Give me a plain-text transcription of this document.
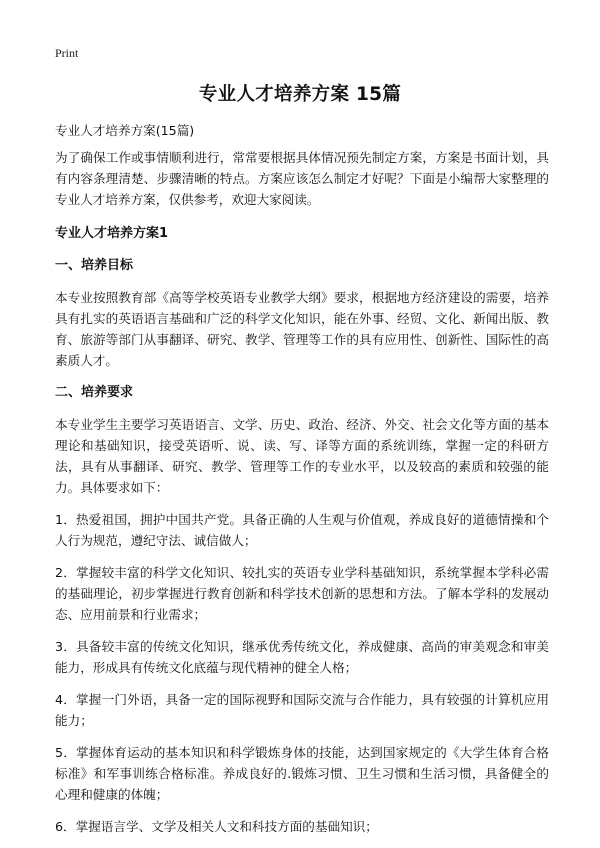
Print
专业人才培养方案 15篇

专业人才培养方案(15篇)

为了确保工作或事情顺利进行，常常要根据具体情况预先制定方案，方案是书面计划，具有内容条理清楚、步骤清晰的特点。方案应该怎么制定才好呢？下面是小编帮大家整理的专业人才培养方案，仅供参考，欢迎大家阅读。

专业人才培养方案1
一、培养目标

本专业按照教育部《高等学校英语专业教学大纲》要求，根据地方经济建设的需要，培养具有扎实的英语语言基础和广泛的科学文化知识，能在外事、经贸、文化、新闻出版、教育、旅游等部门从事翻译、研究、教学、管理等工作的具有应用性、创新性、国际性的高素质人才。

二、培养要求

本专业学生主要学习英语语言、文学、历史、政治、经济、外交、社会文化等方面的基本理论和基础知识，接受英语听、说、读、写、译等方面的系统训练，掌握一定的科研方法，具有从事翻译、研究、教学、管理等工作的专业水平，以及较高的素质和较强的能力。具体要求如下：

1．热爱祖国，拥护中国共产党。具备正确的人生观与价值观，养成良好的道德情操和个人行为规范，遵纪守法、诚信做人；

2．掌握较丰富的科学文化知识、较扎实的英语专业学科基础知识，系统掌握本学科必需的基础理论，初步掌握进行教育创新和科学技术创新的思想和方法。了解本学科的发展动态、应用前景和行业需求；

3．具备较丰富的传统文化知识，继承优秀传统文化，养成健康、高尚的审美观念和审美能力，形成具有传统文化底蕴与现代精神的健全人格；

4．掌握一门外语，具备一定的国际视野和国际交流与合作能力，具有较强的计算机应用能力；

5．掌握体育运动的基本知识和科学锻炼身体的技能，达到国家规定的《大学生体育合格标准》和军事训练合格标准。养成良好的.锻炼习惯、卫生习惯和生活习惯，具备健全的心理和健康的体魄；

6．掌握语言学、文学及相关人文和科技方面的基础知识；
